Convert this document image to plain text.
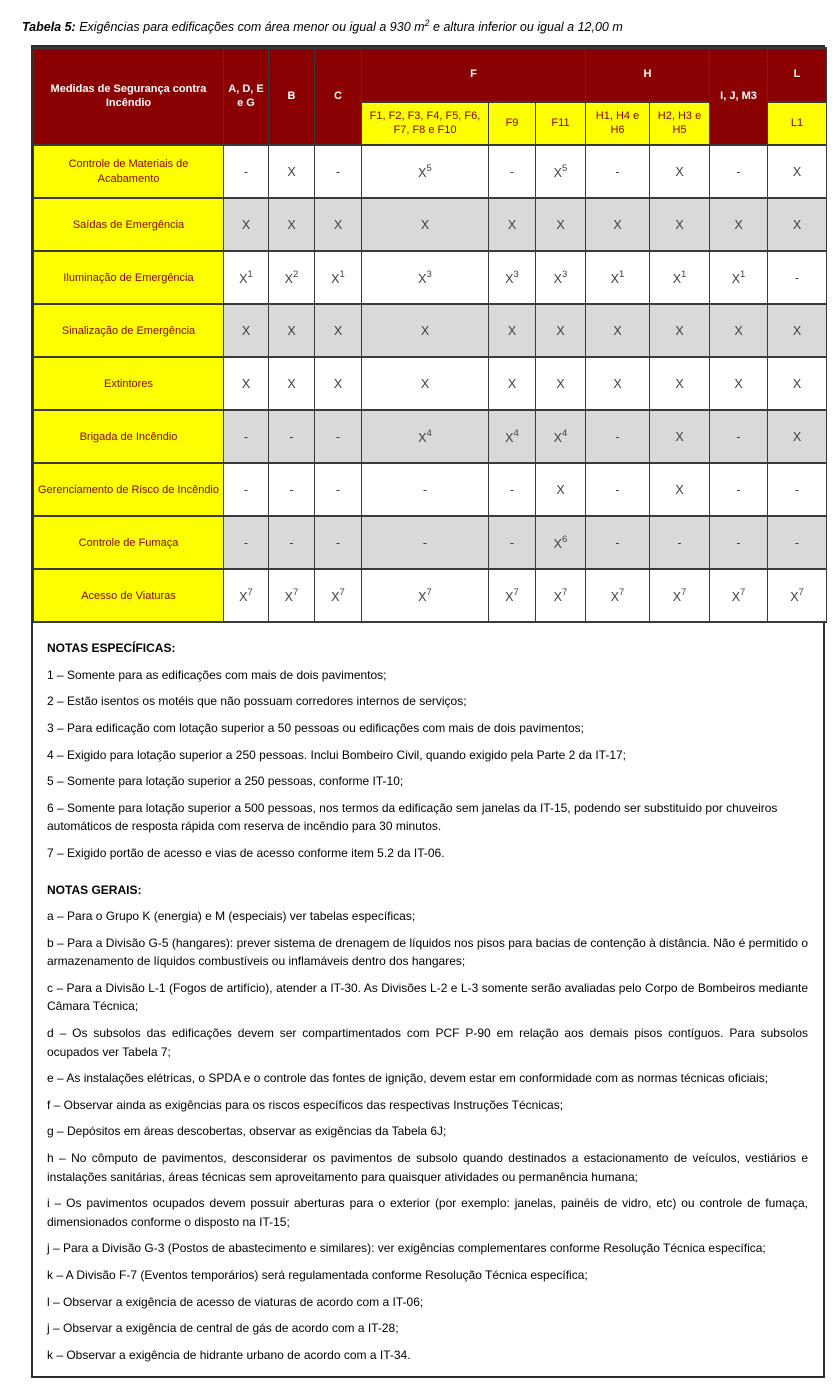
Tabela 5: Exigências para edificações com área menor ou igual a 930 $m^2$ e altura inferior ou igual a 12,00 m
Medidas de Segurança contra Incêndio	A, D, E e G	B	C	F			H		I, J, M3	L
				F1, F2, F3, F4, F5, F6, F7, F8 e F10	F9	F11	H1, H4 e H6	H2, H3 e H5		L1
Controle de Materiais de Acabamento	-	X	-	$X^5$	-	$X^5$	-	X	-	X
Saídas de Emergência	X	X	X	X	X	X	X	X	X	X
Iluminação de Emergência	$X^1$	$X^2$	$X^1$	$X^3$	$X^3$	$X^3$	$X^1$	$X^1$	$X^1$	-
Sinalização de Emergência	X	X	X	X	X	X	X	X	X	X
Extintores	X	X	X	X	X	X	X	X	X	X
Brigada de Incêndio	-	-	-	$X^4$	$X^4$	$X^4$	-	X	-	X
Gerenciamento de Risco de Incêndio	-	-	-	-	-	X	-	X	-	-
Controle de Fumaça	-	-	-	-	-	$X^6$	-	-	-	-
Acesso de Viaturas	$X^7$	$X^7$	$X^7$	$X^7$	$X^7$	$X^7$	$X^7$	$X^7$	$X^7$	$X^7$
NOTAS ESPECÍFICAS:

1 – Somente para as edificações com mais de dois pavimentos;

2 – Estão isentos os motéis que não possuam corredores internos de serviços;

3 – Para edificação com lotação superior a 50 pessoas ou edificações com mais de dois pavimentos;

4 – Exigido para lotação superior a 250 pessoas. Inclui Bombeiro Civil, quando exigido pela Parte 2 da IT-17;

5 – Somente para lotação superior a 250 pessoas, conforme IT-10;

6 – Somente para lotação superior a 500 pessoas, nos termos da edificação sem janelas da IT-15, podendo ser substituído por chuveiros automáticos de resposta rápida com reserva de incêndio para 30 minutos.

7 – Exigido portão de acesso e vias de acesso conforme item 5.2 da IT-06.

NOTAS GERAIS:

a – Para o Grupo K (energia) e M (especiais) ver tabelas específicas;

b – Para a Divisão G-5 (hangares): prever sistema de drenagem de líquidos nos pisos para bacias de contenção à distância. Não é permitido o armazenamento de líquidos combustíveis ou inflamáveis dentro dos hangares;

c – Para a Divisão L-1 (Fogos de artifício), atender a IT-30. As Divisões L-2 e L-3 somente serão avaliadas pelo Corpo de Bombeiros mediante Câmara Técnica;

d – Os subsolos das edificações devem ser compartimentados com PCF P-90 em relação aos demais pisos contíguos. Para subsolos ocupados ver Tabela 7;

e – As instalações elétricas, o SPDA e o controle das fontes de ignição, devem estar em conformidade com as normas técnicas oficiais;

f – Observar ainda as exigências para os riscos específicos das respectivas Instruções Técnicas;

g – Depósitos em áreas descobertas, observar as exigências da Tabela 6J;

h – No cômputo de pavimentos, desconsiderar os pavimentos de subsolo quando destinados a estacionamento de veículos, vestiários e instalações sanitárias, áreas técnicas sem aproveitamento para quaisquer atividades ou permanência humana;

i – Os pavimentos ocupados devem possuir aberturas para o exterior (por exemplo: janelas, painéis de vidro, etc) ou controle de fumaça, dimensionados conforme o disposto na IT-15;

j – Para a Divisão G-3 (Postos de abastecimento e similares): ver exigências complementares conforme Resolução Técnica específica;

k – A Divisão F-7 (Eventos temporários) será regulamentada conforme Resolução Técnica específica;

l – Observar a exigência de acesso de viaturas de acordo com a IT-06;

j – Observar a exigência de central de gás de acordo com a IT-28;

k – Observar a exigência de hidrante urbano de acordo com a IT-34.
